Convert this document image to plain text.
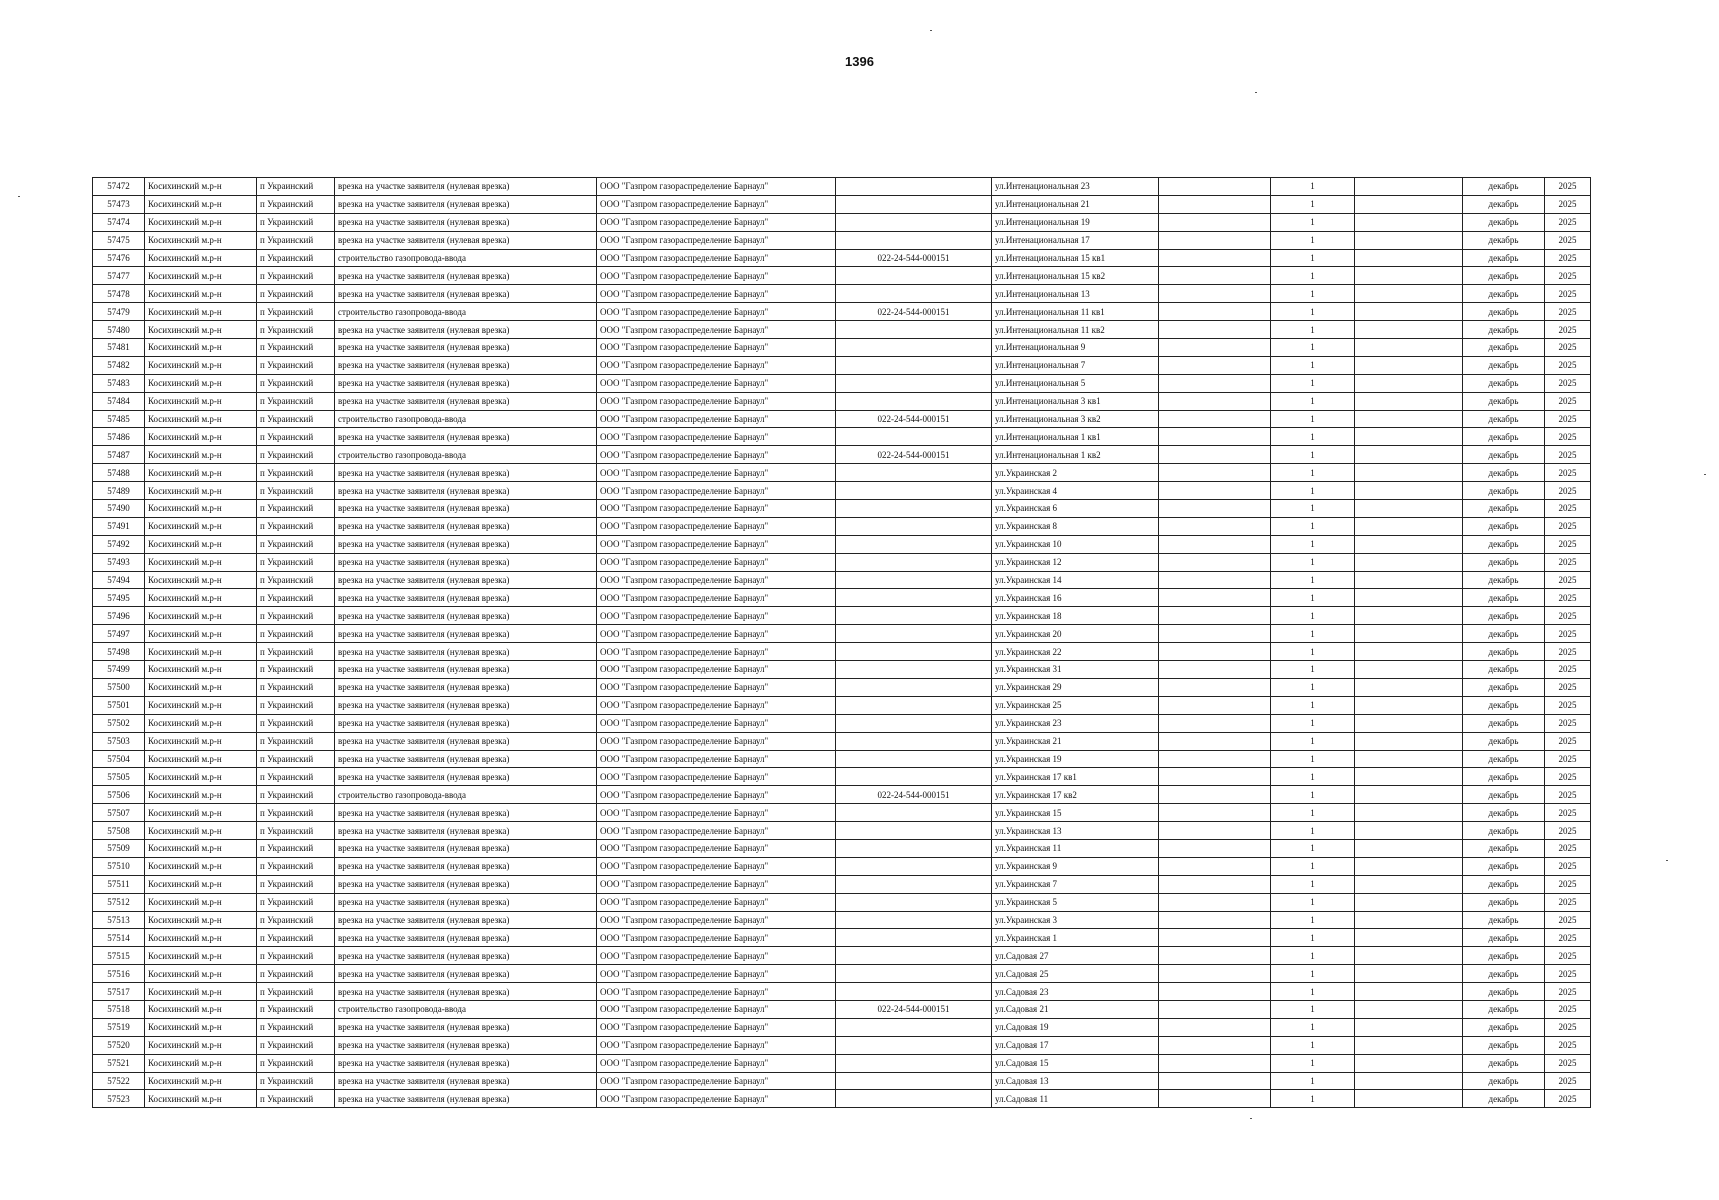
1396
57472	Косихинский м.р-н	п Украинский	врезка на участке заявителя (нулевая врезка)	ООО "Газпром газораспределение Барнаул"		ул.Интенациональная 23		1		декабрь	2025
57473	Косихинский м.р-н	п Украинский	врезка на участке заявителя (нулевая врезка)	ООО "Газпром газораспределение Барнаул"		ул.Интенациональная 21		1		декабрь	2025
57474	Косихинский м.р-н	п Украинский	врезка на участке заявителя (нулевая врезка)	ООО "Газпром газораспределение Барнаул"		ул.Интенациональная 19		1		декабрь	2025
57475	Косихинский м.р-н	п Украинский	врезка на участке заявителя (нулевая врезка)	ООО "Газпром газораспределение Барнаул"		ул.Интенациональная 17		1		декабрь	2025
57476	Косихинский м.р-н	п Украинский	строительство газопровода-ввода	ООО "Газпром газораспределение Барнаул"	022-24-544-000151	ул.Интенациональная 15 кв1		1		декабрь	2025
57477	Косихинский м.р-н	п Украинский	врезка на участке заявителя (нулевая врезка)	ООО "Газпром газораспределение Барнаул"		ул.Интенациональная 15 кв2		1		декабрь	2025
57478	Косихинский м.р-н	п Украинский	врезка на участке заявителя (нулевая врезка)	ООО "Газпром газораспределение Барнаул"		ул.Интенациональная 13		1		декабрь	2025
57479	Косихинский м.р-н	п Украинский	строительство газопровода-ввода	ООО "Газпром газораспределение Барнаул"	022-24-544-000151	ул.Интенациональная 11 кв1		1		декабрь	2025
57480	Косихинский м.р-н	п Украинский	врезка на участке заявителя (нулевая врезка)	ООО "Газпром газораспределение Барнаул"		ул.Интенациональная 11 кв2		1		декабрь	2025
57481	Косихинский м.р-н	п Украинский	врезка на участке заявителя (нулевая врезка)	ООО "Газпром газораспределение Барнаул"		ул.Интенациональная 9		1		декабрь	2025
57482	Косихинский м.р-н	п Украинский	врезка на участке заявителя (нулевая врезка)	ООО "Газпром газораспределение Барнаул"		ул.Интенациональная 7		1		декабрь	2025
57483	Косихинский м.р-н	п Украинский	врезка на участке заявителя (нулевая врезка)	ООО "Газпром газораспределение Барнаул"		ул.Интенациональная 5		1		декабрь	2025
57484	Косихинский м.р-н	п Украинский	врезка на участке заявителя (нулевая врезка)	ООО "Газпром газораспределение Барнаул"		ул.Интенациональная 3 кв1		1		декабрь	2025
57485	Косихинский м.р-н	п Украинский	строительство газопровода-ввода	ООО "Газпром газораспределение Барнаул"	022-24-544-000151	ул.Интенациональная 3 кв2		1		декабрь	2025
57486	Косихинский м.р-н	п Украинский	врезка на участке заявителя (нулевая врезка)	ООО "Газпром газораспределение Барнаул"		ул.Интенациональная 1 кв1		1		декабрь	2025
57487	Косихинский м.р-н	п Украинский	строительство газопровода-ввода	ООО "Газпром газораспределение Барнаул"	022-24-544-000151	ул.Интенациональная 1 кв2		1		декабрь	2025
57488	Косихинский м.р-н	п Украинский	врезка на участке заявителя (нулевая врезка)	ООО "Газпром газораспределение Барнаул"		ул.Украинская 2		1		декабрь	2025
57489	Косихинский м.р-н	п Украинский	врезка на участке заявителя (нулевая врезка)	ООО "Газпром газораспределение Барнаул"		ул.Украинская 4		1		декабрь	2025
57490	Косихинский м.р-н	п Украинский	врезка на участке заявителя (нулевая врезка)	ООО "Газпром газораспределение Барнаул"		ул.Украинская 6		1		декабрь	2025
57491	Косихинский м.р-н	п Украинский	врезка на участке заявителя (нулевая врезка)	ООО "Газпром газораспределение Барнаул"		ул.Украинская 8		1		декабрь	2025
57492	Косихинский м.р-н	п Украинский	врезка на участке заявителя (нулевая врезка)	ООО "Газпром газораспределение Барнаул"		ул.Украинская 10		1		декабрь	2025
57493	Косихинский м.р-н	п Украинский	врезка на участке заявителя (нулевая врезка)	ООО "Газпром газораспределение Барнаул"		ул.Украинская 12		1		декабрь	2025
57494	Косихинский м.р-н	п Украинский	врезка на участке заявителя (нулевая врезка)	ООО "Газпром газораспределение Барнаул"		ул.Украинская 14		1		декабрь	2025
57495	Косихинский м.р-н	п Украинский	врезка на участке заявителя (нулевая врезка)	ООО "Газпром газораспределение Барнаул"		ул.Украинская 16		1		декабрь	2025
57496	Косихинский м.р-н	п Украинский	врезка на участке заявителя (нулевая врезка)	ООО "Газпром газораспределение Барнаул"		ул.Украинская 18		1		декабрь	2025
57497	Косихинский м.р-н	п Украинский	врезка на участке заявителя (нулевая врезка)	ООО "Газпром газораспределение Барнаул"		ул.Украинская 20		1		декабрь	2025
57498	Косихинский м.р-н	п Украинский	врезка на участке заявителя (нулевая врезка)	ООО "Газпром газораспределение Барнаул"		ул.Украинская 22		1		декабрь	2025
57499	Косихинский м.р-н	п Украинский	врезка на участке заявителя (нулевая врезка)	ООО "Газпром газораспределение Барнаул"		ул.Украинская 31		1		декабрь	2025
57500	Косихинский м.р-н	п Украинский	врезка на участке заявителя (нулевая врезка)	ООО "Газпром газораспределение Барнаул"		ул.Украинская 29		1		декабрь	2025
57501	Косихинский м.р-н	п Украинский	врезка на участке заявителя (нулевая врезка)	ООО "Газпром газораспределение Барнаул"		ул.Украинская 25		1		декабрь	2025
57502	Косихинский м.р-н	п Украинский	врезка на участке заявителя (нулевая врезка)	ООО "Газпром газораспределение Барнаул"		ул.Украинская 23		1		декабрь	2025
57503	Косихинский м.р-н	п Украинский	врезка на участке заявителя (нулевая врезка)	ООО "Газпром газораспределение Барнаул"		ул.Украинская 21		1		декабрь	2025
57504	Косихинский м.р-н	п Украинский	врезка на участке заявителя (нулевая врезка)	ООО "Газпром газораспределение Барнаул"		ул.Украинская 19		1		декабрь	2025
57505	Косихинский м.р-н	п Украинский	врезка на участке заявителя (нулевая врезка)	ООО "Газпром газораспределение Барнаул"		ул.Украинская 17 кв1		1		декабрь	2025
57506	Косихинский м.р-н	п Украинский	строительство газопровода-ввода	ООО "Газпром газораспределение Барнаул"	022-24-544-000151	ул.Украинская 17 кв2		1		декабрь	2025
57507	Косихинский м.р-н	п Украинский	врезка на участке заявителя (нулевая врезка)	ООО "Газпром газораспределение Барнаул"		ул.Украинская 15		1		декабрь	2025
57508	Косихинский м.р-н	п Украинский	врезка на участке заявителя (нулевая врезка)	ООО "Газпром газораспределение Барнаул"		ул.Украинская 13		1		декабрь	2025
57509	Косихинский м.р-н	п Украинский	врезка на участке заявителя (нулевая врезка)	ООО "Газпром газораспределение Барнаул"		ул.Украинская 11		1		декабрь	2025
57510	Косихинский м.р-н	п Украинский	врезка на участке заявителя (нулевая врезка)	ООО "Газпром газораспределение Барнаул"		ул.Украинская 9		1		декабрь	2025
57511	Косихинский м.р-н	п Украинский	врезка на участке заявителя (нулевая врезка)	ООО "Газпром газораспределение Барнаул"		ул.Украинская 7		1		декабрь	2025
57512	Косихинский м.р-н	п Украинский	врезка на участке заявителя (нулевая врезка)	ООО "Газпром газораспределение Барнаул"		ул.Украинская 5		1		декабрь	2025
57513	Косихинский м.р-н	п Украинский	врезка на участке заявителя (нулевая врезка)	ООО "Газпром газораспределение Барнаул"		ул.Украинская 3		1		декабрь	2025
57514	Косихинский м.р-н	п Украинский	врезка на участке заявителя (нулевая врезка)	ООО "Газпром газораспределение Барнаул"		ул.Украинская 1		1		декабрь	2025
57515	Косихинский м.р-н	п Украинский	врезка на участке заявителя (нулевая врезка)	ООО "Газпром газораспределение Барнаул"		ул.Садовая 27		1		декабрь	2025
57516	Косихинский м.р-н	п Украинский	врезка на участке заявителя (нулевая врезка)	ООО "Газпром газораспределение Барнаул"		ул.Садовая 25		1		декабрь	2025
57517	Косихинский м.р-н	п Украинский	врезка на участке заявителя (нулевая врезка)	ООО "Газпром газораспределение Барнаул"		ул.Садовая 23		1		декабрь	2025
57518	Косихинский м.р-н	п Украинский	строительство газопровода-ввода	ООО "Газпром газораспределение Барнаул"	022-24-544-000151	ул.Садовая 21		1		декабрь	2025
57519	Косихинский м.р-н	п Украинский	врезка на участке заявителя (нулевая врезка)	ООО "Газпром газораспределение Барнаул"		ул.Садовая 19		1		декабрь	2025
57520	Косихинский м.р-н	п Украинский	врезка на участке заявителя (нулевая врезка)	ООО "Газпром газораспределение Барнаул"		ул.Садовая 17		1		декабрь	2025
57521	Косихинский м.р-н	п Украинский	врезка на участке заявителя (нулевая врезка)	ООО "Газпром газораспределение Барнаул"		ул.Садовая 15		1		декабрь	2025
57522	Косихинский м.р-н	п Украинский	врезка на участке заявителя (нулевая врезка)	ООО "Газпром газораспределение Барнаул"		ул.Садовая 13		1		декабрь	2025
57523	Косихинский м.р-н	п Украинский	врезка на участке заявителя (нулевая врезка)	ООО "Газпром газораспределение Барнаул"		ул.Садовая 11		1		декабрь	2025
